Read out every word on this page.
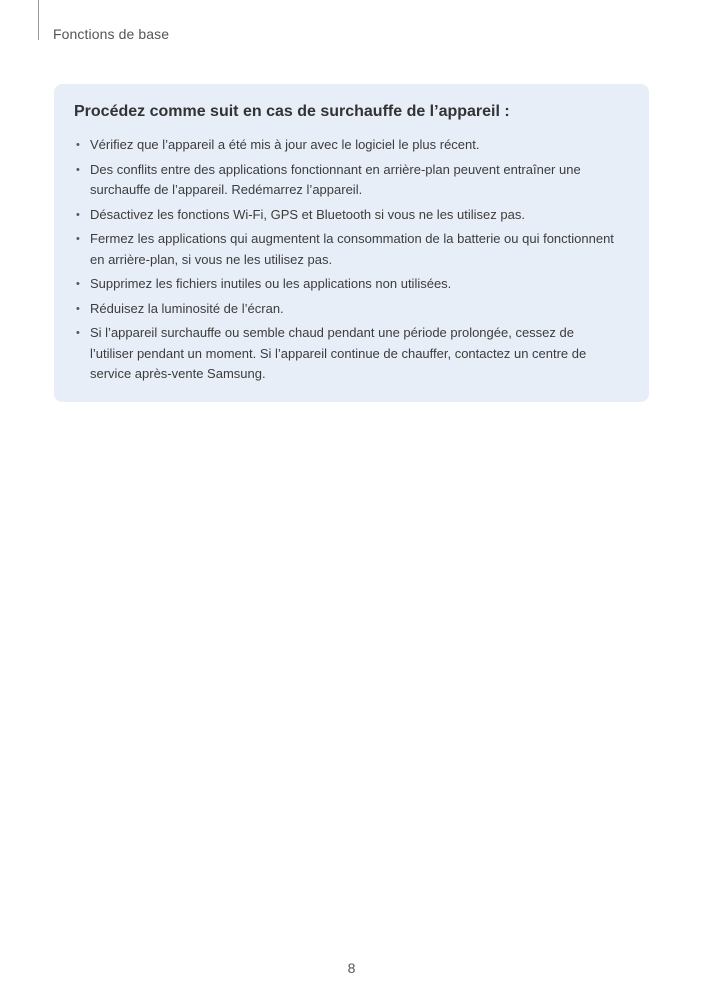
Fonctions de base
Procédez comme suit en cas de surchauffe de l’appareil :
• Vérifiez que l’appareil a été mis à jour avec le logiciel le plus récent.
• Des conflits entre des applications fonctionnant en arrière-plan peuvent entraîner une surchauffe de l’appareil. Redémarrez l’appareil.
• Désactivez les fonctions Wi-Fi, GPS et Bluetooth si vous ne les utilisez pas.
• Fermez les applications qui augmentent la consommation de la batterie ou qui fonctionnent en arrière-plan, si vous ne les utilisez pas.
• Supprimez les fichiers inutiles ou les applications non utilisées.
• Réduisez la luminosité de l’écran.
• Si l’appareil surchauffe ou semble chaud pendant une période prolongée, cessez de l’utiliser pendant un moment. Si l’appareil continue de chauffer, contactez un centre de service après-vente Samsung.
8
